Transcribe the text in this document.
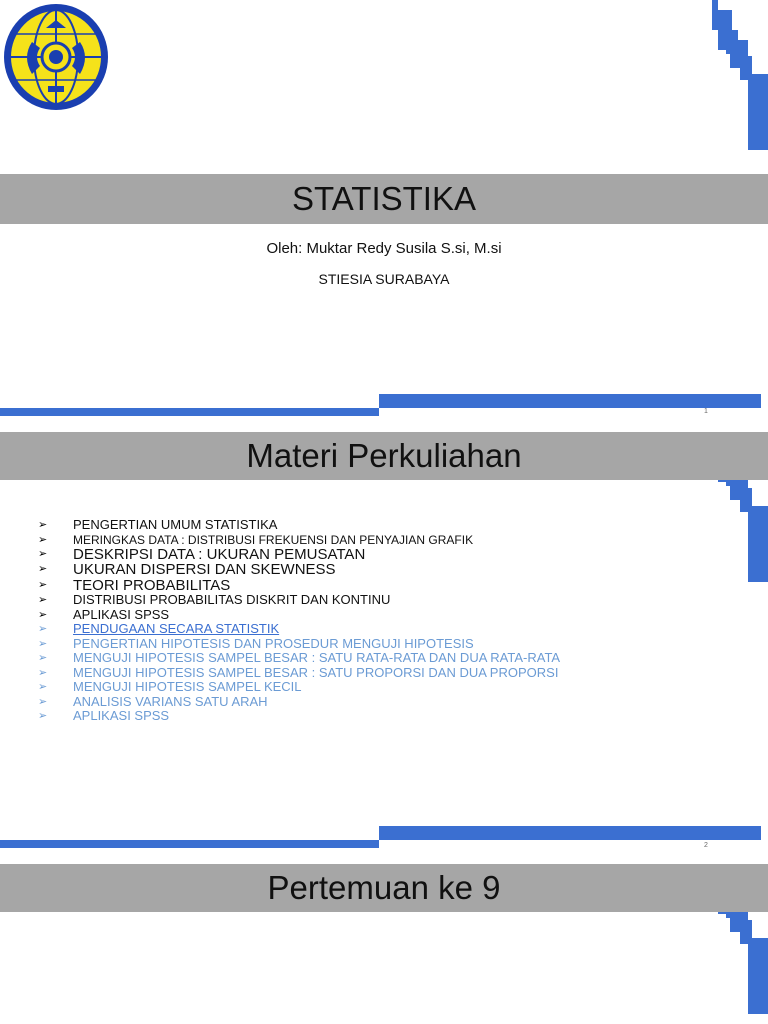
STATISTIKA
Oleh: Muktar Redy Susila S.si, M.si
STIESIA SURABAYA
1
Materi Perkuliahan
➢ PENGERTIAN UMUM STATISTIKA
➢ MERINGKAS DATA : DISTRIBUSI FREKUENSI DAN PENYAJIAN GRAFIK
➢ DESKRIPSI DATA : UKURAN PEMUSATAN
➢ UKURAN DISPERSI DAN SKEWNESS
➢ TEORI PROBABILITAS
➢ DISTRIBUSI PROBABILITAS DISKRIT DAN KONTINU
➢ APLIKASI SPSS
➢ PENDUGAAN SECARA STATISTIK
➢ PENGERTIAN HIPOTESIS DAN PROSEDUR MENGUJI HIPOTESIS
➢ MENGUJI HIPOTESIS SAMPEL BESAR : SATU RATA-RATA DAN DUA RATA-RATA
➢ MENGUJI HIPOTESIS SAMPEL BESAR : SATU PROPORSI DAN DUA PROPORSI
➢ MENGUJI HIPOTESIS SAMPEL KECIL
➢ ANALISIS VARIANS SATU ARAH
➢ APLIKASI SPSS
2
Pertemuan ke 9
